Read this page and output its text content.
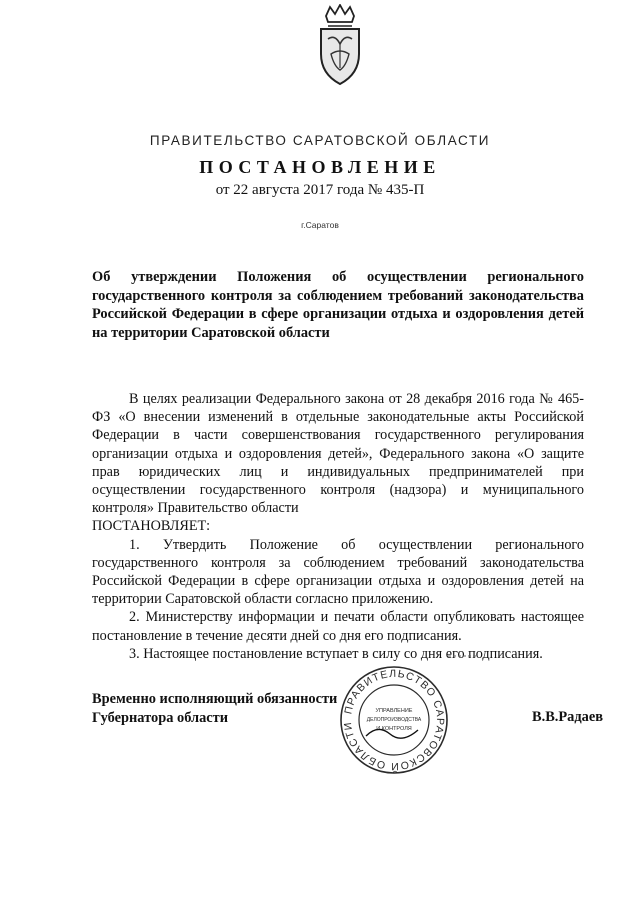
ПРАВИТЕЛЬСТВО САРАТОВСКОЙ ОБЛАСТИ
ПОСТАНОВЛЕНИЕ
от 22 августа 2017 года № 435-П
г.Саратов
Об утверждении Положения об осуществлении регионального государственного контроля за соблюдением требований законодательства Российской Федерации в сфере организации отдыха и оздоровления детей на территории Саратовской области

В целях реализации Федерального закона от 28 декабря 2016 года № 465-ФЗ «О внесении изменений в отдельные законодательные акты Российской Федерации в части совершенствования государственного регулирования организации отдыха и оздоровления детей», Федерального закона «О защите прав юридических лиц и индивидуальных предпринимателей при осуществлении государственного контроля (надзора) и муниципального контроля» Правительство области

ПОСТАНОВЛЯЕТ:

1. Утвердить Положение об осуществлении регионального государственного контроля за соблюдением требований законодательства Российской Федерации в сфере организации отдыха и оздоровления детей на территории Саратовской области согласно приложению.

2. Министерству информации и печати области опубликовать настоящее постановление в течение десяти дней со дня его подписания.

3. Настоящее постановление вступает в силу со дня его подписания.

Временно исполняющий обязанности
Губернатора области
ПРАВИТЕЛЬСТВО САРАТОВСКОЙ ОБЛАСТИ
УПРАВЛЕНИЕ
ДЕЛОПРОИЗВОДСТВА
И КОНТРОЛЯ
В.В.Радаев
